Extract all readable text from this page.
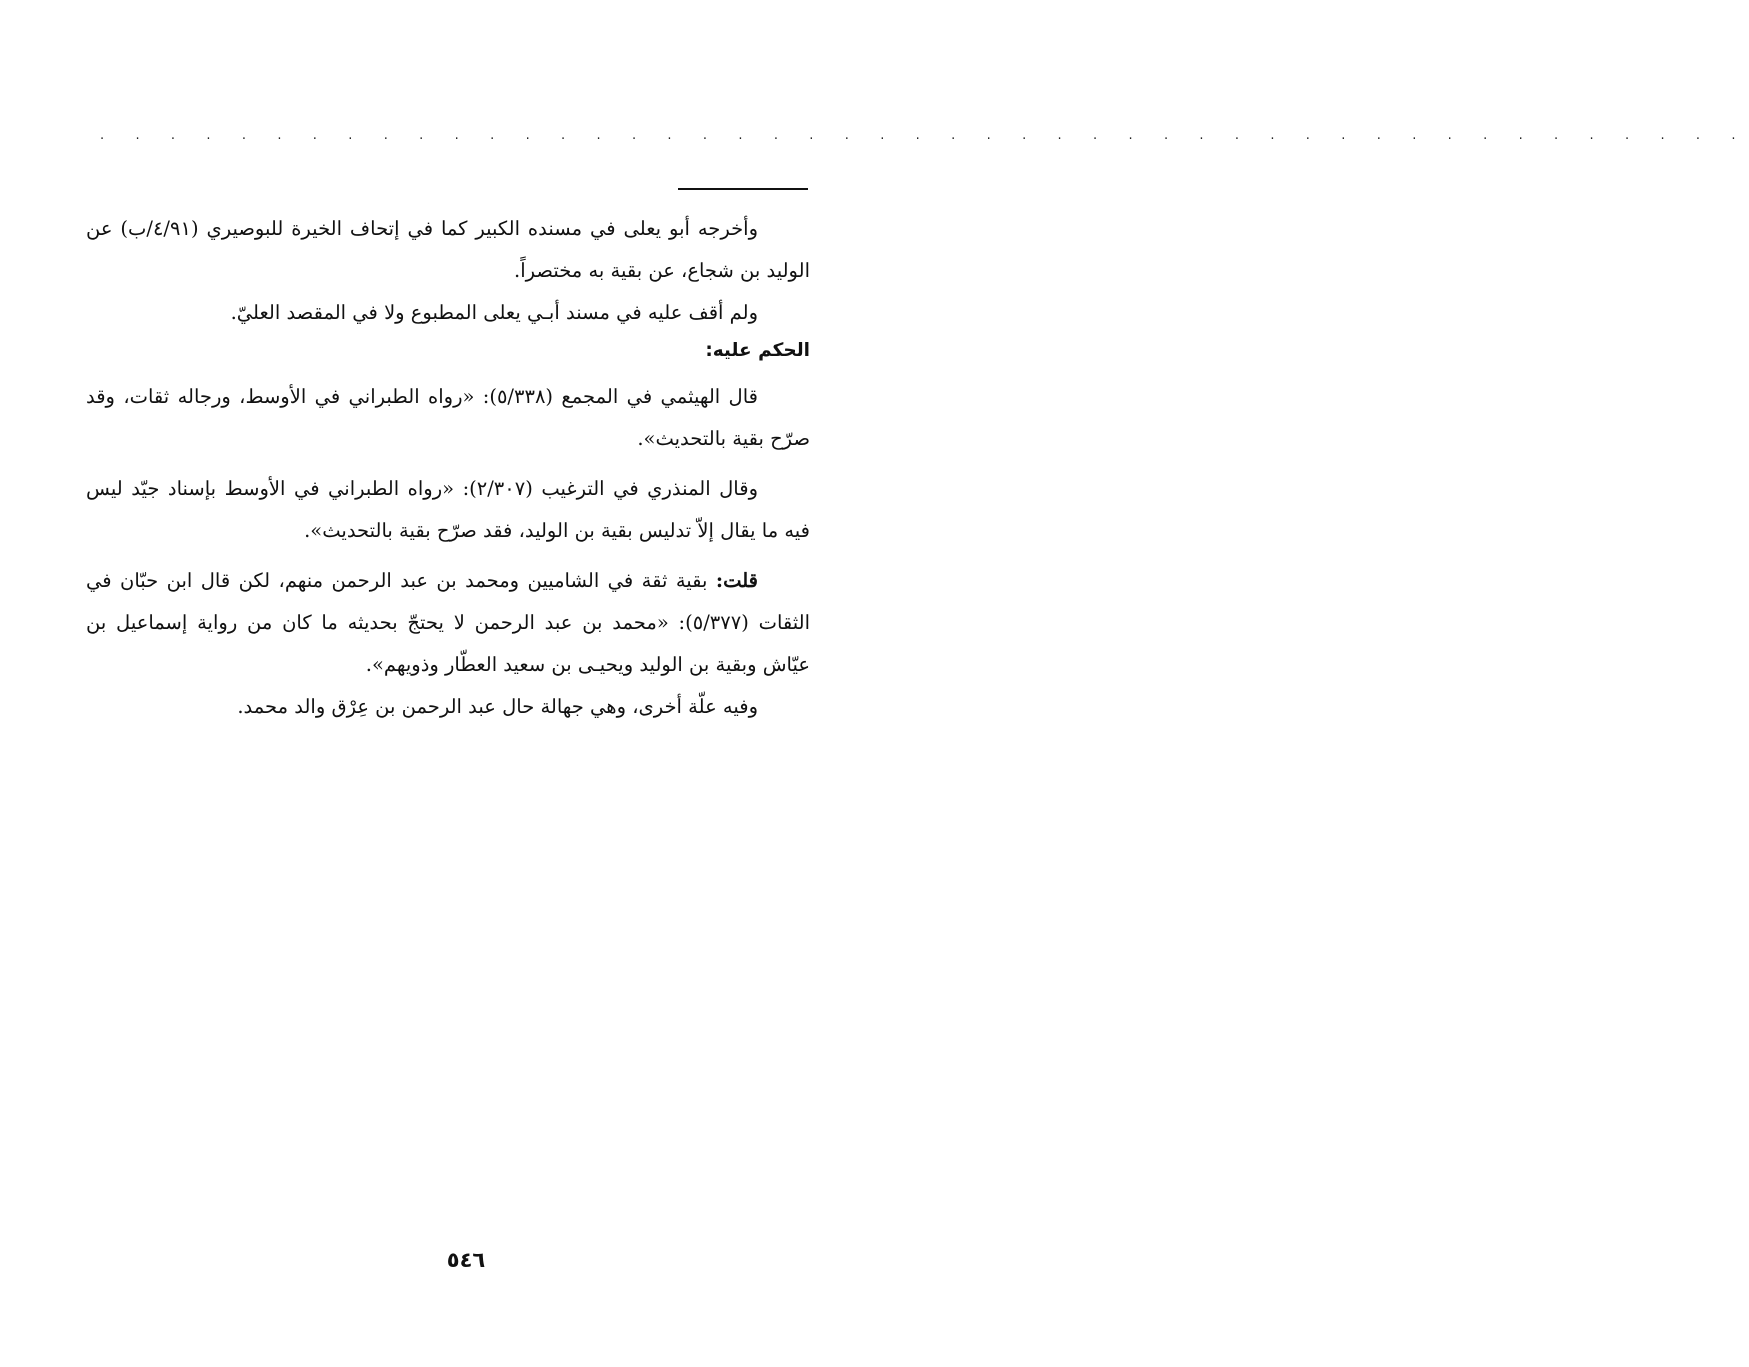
. . . . . . . . . . . . . . . . . . . . . . . . . . . . . . . . . . . . . . . . . . . . . . .

وأخرجه أبو يعلى في مسنده الكبير كما في إتحاف الخيرة للبوصيري (٤/٩١/ب) عن الوليد بن شجاع، عن بقية به مختصراً.

ولم أقف عليه في مسند أبـي يعلى المطبوع ولا في المقصد العليّ.

الحكم عليه:

قال الهيثمي في المجمع (٥/٣٣٨): «رواه الطبراني في الأوسط، ورجاله ثقات، وقد صرّح بقية بالتحديث».

وقال المنذري في الترغيب (٢/٣٠٧): «رواه الطبراني في الأوسط بإسناد جيّد ليس فيه ما يقال إلاّ تدليس بقية بن الوليد، فقد صرّح بقية بالتحديث».

قلت: بقية ثقة في الشاميين ومحمد بن عبد الرحمن منهم، لكن قال ابن حبّان في الثقات (٥/٣٧٧): «محمد بن عبد الرحمن لا يحتجّ بحديثه ما كان من رواية إسماعيل بن عيّاش وبقية بن الوليد ويحيـى بن سعيد العطّار وذويهم».

وفيه علّة أخرى، وهي جهالة حال عبد الرحمن بن عِرْق والد محمد.

٥٤٦
